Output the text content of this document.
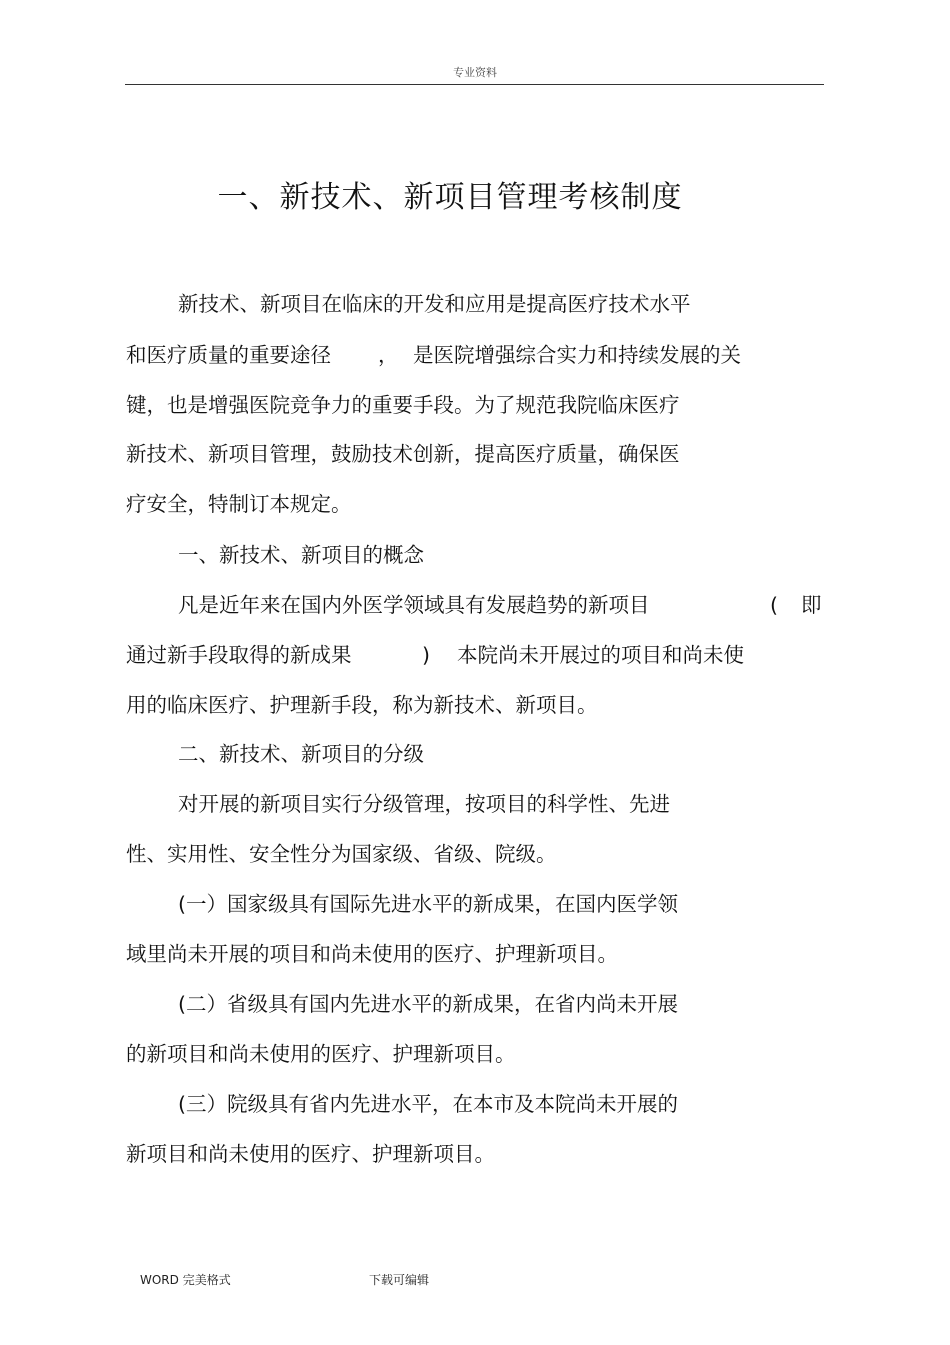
专业资料
一、新技术、新项目管理考核制度
新技术、新项目在临床的开发和应用是提高医疗技术水平
和医疗质量的重要途径 ， 是医院增强综合实力和持续发展的关
键，也是增强医院竞争力的重要手段。为了规范我院临床医疗
新技术、新项目管理，鼓励技术创新，提高医疗质量，确保医
疗安全，特制订本规定。
一、新技术、新项目的概念
凡是近年来在国内外医学领域具有发展趋势的新项目	( 即
通过新手段取得的新成果	) 本院尚未开展过的项目和尚未使
用的临床医疗、护理新手段，称为新技术、新项目。
二、新技术、新项目的分级
对开展的新项目实行分级管理，按项目的科学性、先进
性、实用性、安全性分为国家级、省级、院级。
(一）国家级具有国际先进水平的新成果，在国内医学领
域里尚未开展的项目和尚未使用的医疗、护理新项目。
(二）省级具有国内先进水平的新成果，在省内尚未开展
的新项目和尚未使用的医疗、护理新项目。
(三）院级具有省内先进水平，在本市及本院尚未开展的
新项目和尚未使用的医疗、护理新项目。
WORD 完美格式	下载可编辑
